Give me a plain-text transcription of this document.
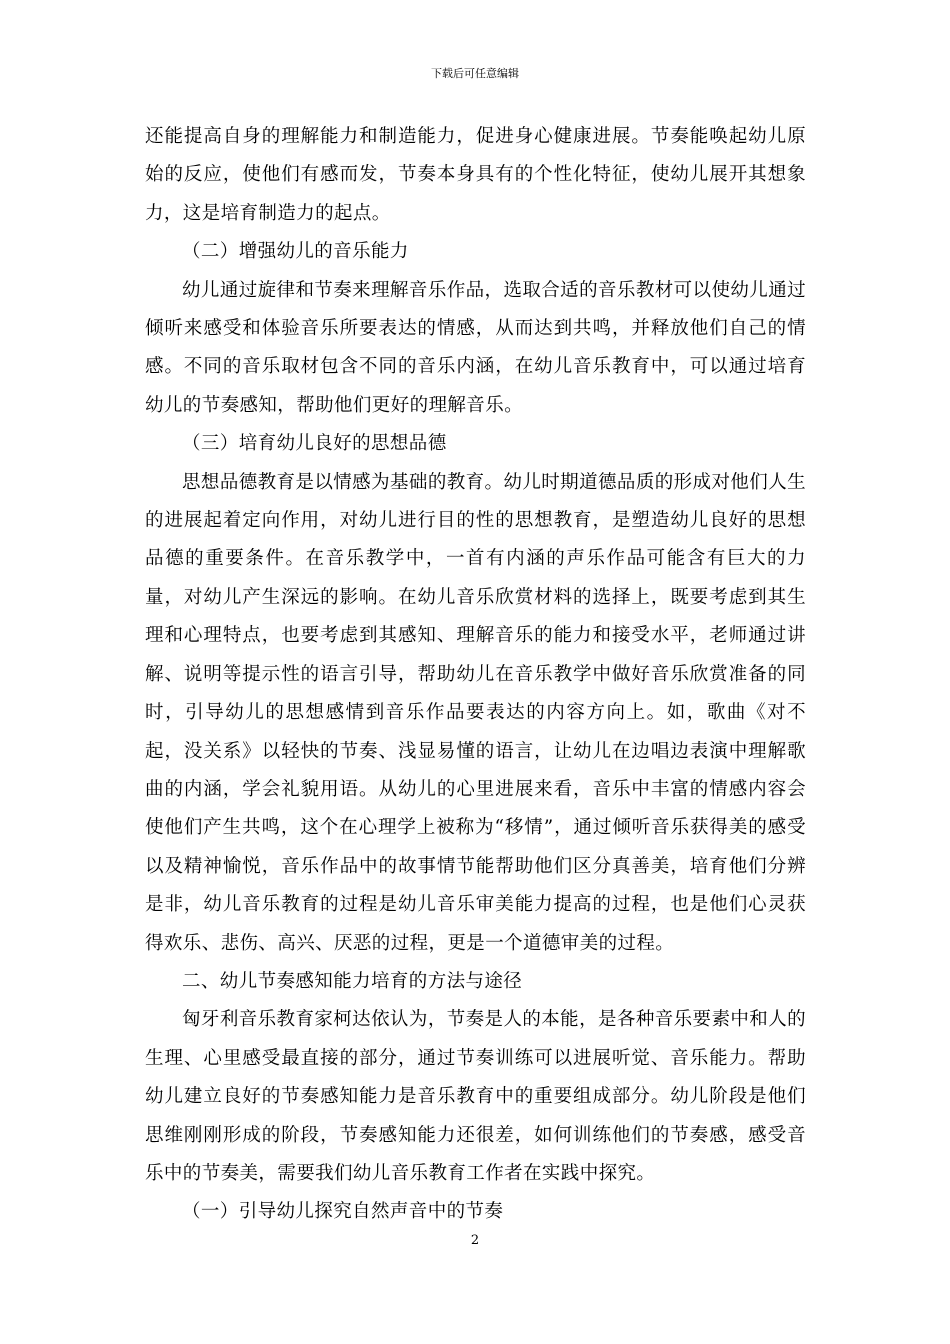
下载后可任意编辑

还能提高自身的理解能力和制造能力，促进身心健康进展。节奏能唤起幼儿原始的反应，使他们有感而发，节奏本身具有的个性化特征，使幼儿展开其想象力，这是培育制造力的起点。

（二）增强幼儿的音乐能力

幼儿通过旋律和节奏来理解音乐作品，选取合适的音乐教材可以使幼儿通过倾听来感受和体验音乐所要表达的情感，从而达到共鸣，并释放他们自己的情感。不同的音乐取材包含不同的音乐内涵，在幼儿音乐教育中，可以通过培育幼儿的节奏感知，帮助他们更好的理解音乐。

（三）培育幼儿良好的思想品德

思想品德教育是以情感为基础的教育。幼儿时期道德品质的形成对他们人生的进展起着定向作用，对幼儿进行目的性的思想教育，是塑造幼儿良好的思想品德的重要条件。在音乐教学中，一首有内涵的声乐作品可能含有巨大的力量，对幼儿产生深远的影响。在幼儿音乐欣赏材料的选择上，既要考虑到其生理和心理特点，也要考虑到其感知、理解音乐的能力和接受水平，老师通过讲解、说明等提示性的语言引导，帮助幼儿在音乐教学中做好音乐欣赏准备的同时，引导幼儿的思想感情到音乐作品要表达的内容方向上。如，歌曲《对不起，没关系》以轻快的节奏、浅显易懂的语言，让幼儿在边唱边表演中理解歌曲的内涵，学会礼貌用语。从幼儿的心里进展来看，音乐中丰富的情感内容会使他们产生共鸣，这个在心理学上被称为“移情”，通过倾听音乐获得美的感受以及精神愉悦，音乐作品中的故事情节能帮助他们区分真善美，培育他们分辨是非，幼儿音乐教育的过程是幼儿音乐审美能力提高的过程，也是他们心灵获得欢乐、悲伤、高兴、厌恶的过程，更是一个道德审美的过程。

二、幼儿节奏感知能力培育的方法与途径

匈牙利音乐教育家柯达依认为，节奏是人的本能，是各种音乐要素中和人的生理、心里感受最直接的部分，通过节奏训练可以进展听觉、音乐能力。帮助幼儿建立良好的节奏感知能力是音乐教育中的重要组成部分。幼儿阶段是他们思维刚刚形成的阶段，节奏感知能力还很差，如何训练他们的节奏感，感受音乐中的节奏美，需要我们幼儿音乐教育工作者在实践中探究。

（一）引导幼儿探究自然声音中的节奏

2
